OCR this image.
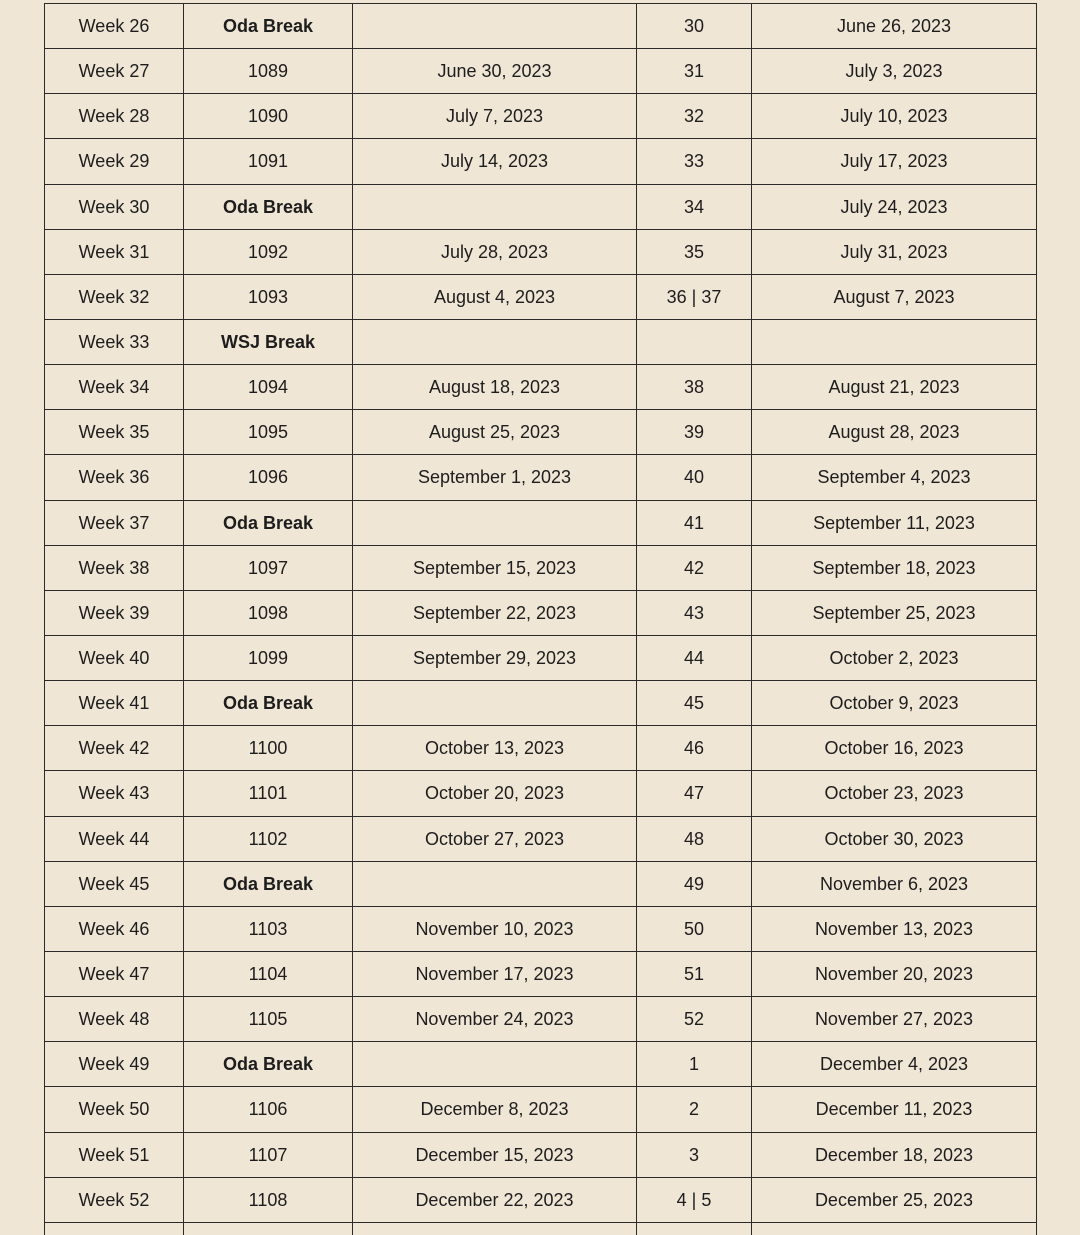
Week 26	Oda Break		30	June 26, 2023
Week 27	1089	June 30, 2023	31	July 3, 2023
Week 28	1090	July 7, 2023	32	July 10, 2023
Week 29	1091	July 14, 2023	33	July 17, 2023
Week 30	Oda Break		34	July 24, 2023
Week 31	1092	July 28, 2023	35	July 31, 2023
Week 32	1093	August 4, 2023	36 | 37	August 7, 2023
Week 33	WSJ Break			
Week 34	1094	August 18, 2023	38	August 21, 2023
Week 35	1095	August 25, 2023	39	August 28, 2023
Week 36	1096	September 1, 2023	40	September 4, 2023
Week 37	Oda Break		41	September 11, 2023
Week 38	1097	September 15, 2023	42	September 18, 2023
Week 39	1098	September 22, 2023	43	September 25, 2023
Week 40	1099	September 29, 2023	44	October 2, 2023
Week 41	Oda Break		45	October 9, 2023
Week 42	1100	October 13, 2023	46	October 16, 2023
Week 43	1101	October 20, 2023	47	October 23, 2023
Week 44	1102	October 27, 2023	48	October 30, 2023
Week 45	Oda Break		49	November 6, 2023
Week 46	1103	November 10, 2023	50	November 13, 2023
Week 47	1104	November 17, 2023	51	November 20, 2023
Week 48	1105	November 24, 2023	52	November 27, 2023
Week 49	Oda Break		1	December 4, 2023
Week 50	1106	December 8, 2023	2	December 11, 2023
Week 51	1107	December 15, 2023	3	December 18, 2023
Week 52	1108	December 22, 2023	4 | 5	December 25, 2023
